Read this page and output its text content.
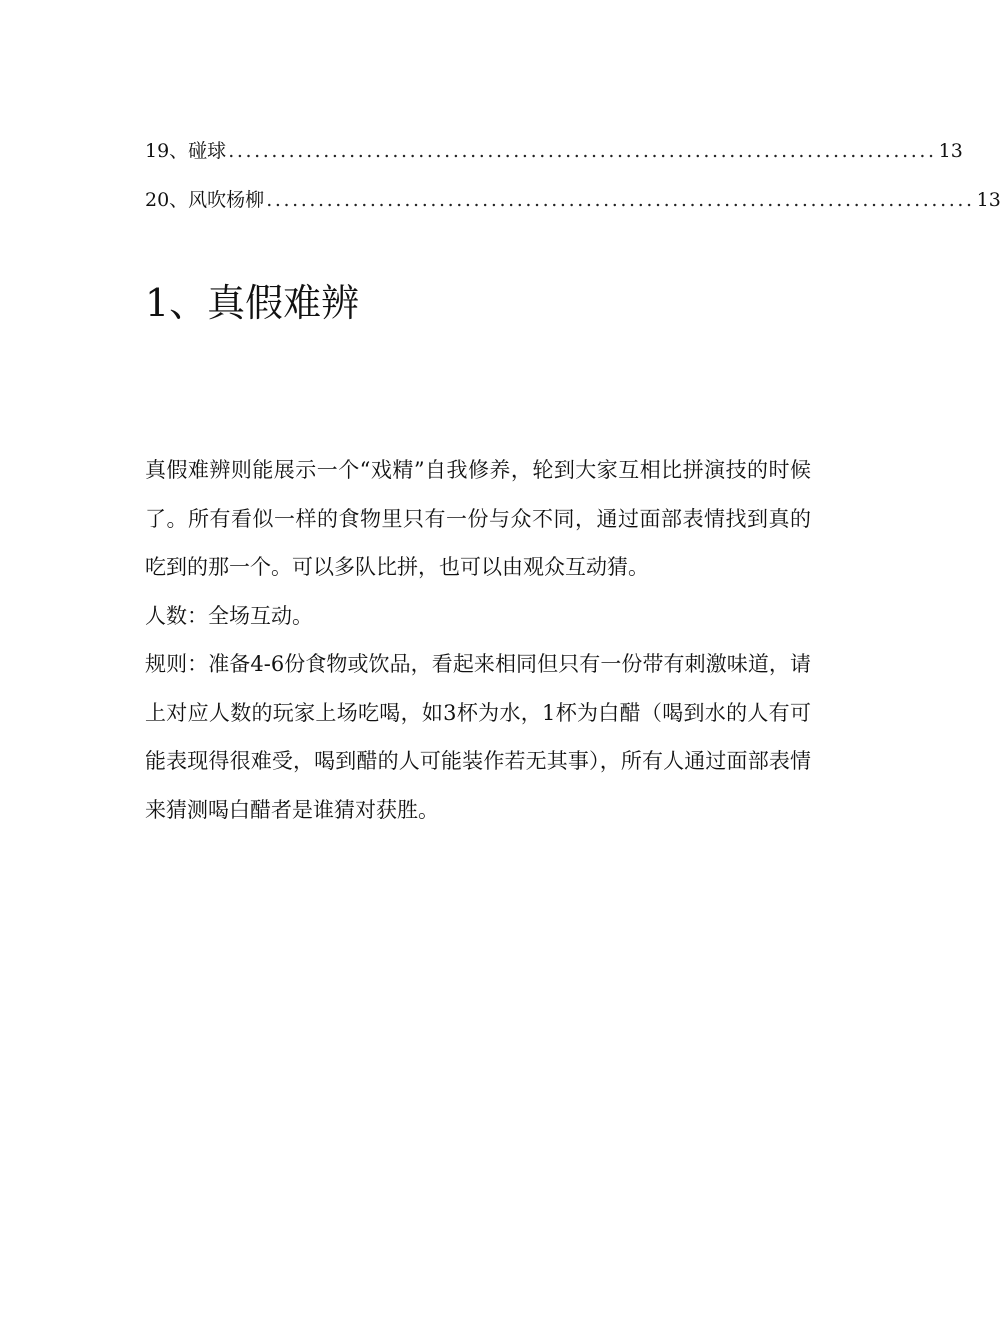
19、碰球 .................................................................................. 13
20、风吹杨柳 .................................................................................. 13
1、真假难辨

真假难辨则能展示一个“戏精”自我修养，轮到大家互相比拼演技的时候了。所有看似一样的食物里只有一份与众不同，通过面部表情找到真的吃到的那一个。可以多队比拼，也可以由观众互动猜。

人数：全场互动。

规则：准备4-6份食物或饮品，看起来相同但只有一份带有刺激味道，请上对应人数的玩家上场吃喝，如3杯为水，1杯为白醋（喝到水的人有可能表现得很难受，喝到醋的人可能装作若无其事），所有人通过面部表情来猜测喝白醋者是谁猜对获胜。
